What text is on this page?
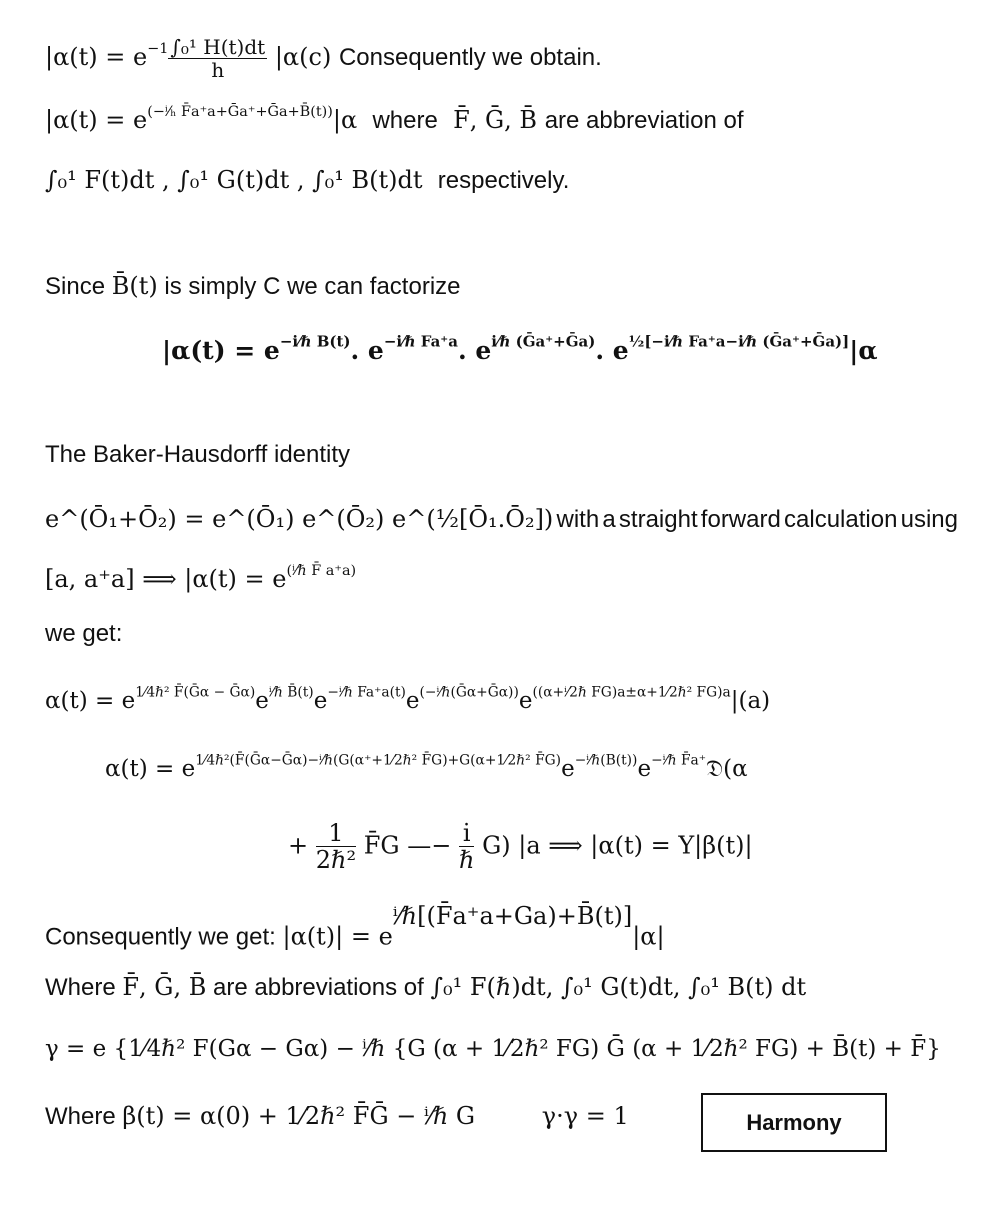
$|\alpha(t) = e^{-1} \frac{\text{∫₀¹ H(t)dt}}{h} |\alpha(c)$ Consequently we obtain.
$|\alpha(t) = e^{(-^i⁄_h F̄a^+a+Ḡa^++Ḡa+B̄(t))}|\alpha$ where F̄, Ḡ, B̄ are abbreviation of
∫₀¹ F(t)dt , ∫₀¹ G(t)dt , ∫₀¹ B(t)dt respectively.
Since B̄(t) is simply C we can factorize
$|\alpha(t) = e^{-i⁄\hbar B(t)}$. $e^{-i⁄\hbar Fa^+a}$. $e^{i⁄\hbar (Ḡa^++Ḡa)}$. $e^{\frac{1}{2}[-i⁄\hbar Fa^+a-i⁄\hbar (Ḡa^++Ḡa)]}|\alpha$
The Baker-Hausdorff identity
e^(Ō₁+Ō₂) = e^(Ō₁) e^(Ō₂) e^(½[Ō₁.Ō₂]) with a straight forward calculation using
[a, a⁺a] ⟹ $|\alpha(t) = e^{(^i⁄\hbar F̄ a^+a)}$
we get:
$\alpha(t) = e^{1⁄4\hbar^2 F̄(Ḡ\alpha - Ḡ\alpha)}e^{^i⁄\hbar B̄(t)}e^{-^i⁄\hbar Fa^+a(t)}e^{(-^i⁄\hbar(Ḡ\alpha+Ḡ\alpha))}e^{((\alpha+^i⁄2\hbar FG)a\pm\alpha+1⁄2\hbar^2 FG)a}|(a)$
$\alpha(t) = e^{1⁄4\hbar^2(F̄(Ḡ\alpha-Ḡ\alpha)-^i⁄\hbar(G(\alpha^++1⁄2\hbar^2 F̄G)+G(\alpha+1⁄2\hbar^2 F̄G)}e^{-^i⁄\hbar(B(t))}e^{-^i⁄\hbar F̄a^+}𝔇(\alpha$
+ $\frac{1}{\text{2ℏ²}}$ F̄G —− $\frac{i}{\text{ℏ}} G$) |a ⟹ |α(t) = Υ|β(t)|
Consequently we get: $|\alpha(t)| = e^{^i⁄\hbar[(F̄a^+a+Ga)+B̄(t)]}|\alpha|$
Where F̄, Ḡ, B̄ are abbreviations of ∫₀¹ F(ℏ)dt, ∫₀¹ G(t)dt, ∫₀¹ B(t) dt
γ = e {1⁄4ℏ² F(Gα − Gα) − ⁱ⁄ℏ {G (α + 1⁄2ℏ² FG) Ḡ (α + 1⁄2ℏ² FG) + B̄(t) + F̄}
Where β(t) = α(0) + 1⁄2ℏ² F̄Ḡ − ⁱ⁄ℏ G	γ·γ = 1	Harmony
